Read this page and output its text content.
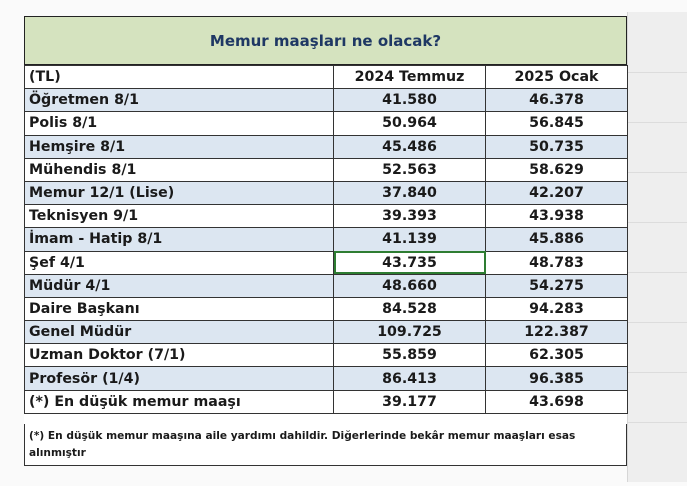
Memur maaşları ne olacak?
(TL)	2024 Temmuz	2025 Ocak
Öğretmen 8/1	41.580	46.378
Polis 8/1	50.964	56.845
Hemşire 8/1	45.486	50.735
Mühendis 8/1	52.563	58.629
Memur 12/1 (Lise)	37.840	42.207
Teknisyen 9/1	39.393	43.938
İmam - Hatip 8/1	41.139	45.886
Şef 4/1	43.735	48.783
Müdür 4/1	48.660	54.275
Daire Başkanı	84.528	94.283
Genel Müdür	109.725	122.387
Uzman Doktor (7/1)	55.859	62.305
Profesör (1/4)	86.413	96.385
(*) En düşük memur maaşı	39.177	43.698
(*) En düşük memur maaşına aile yardımı dahildir. Diğerlerinde bekâr memur maaşları esas alınmıştır
